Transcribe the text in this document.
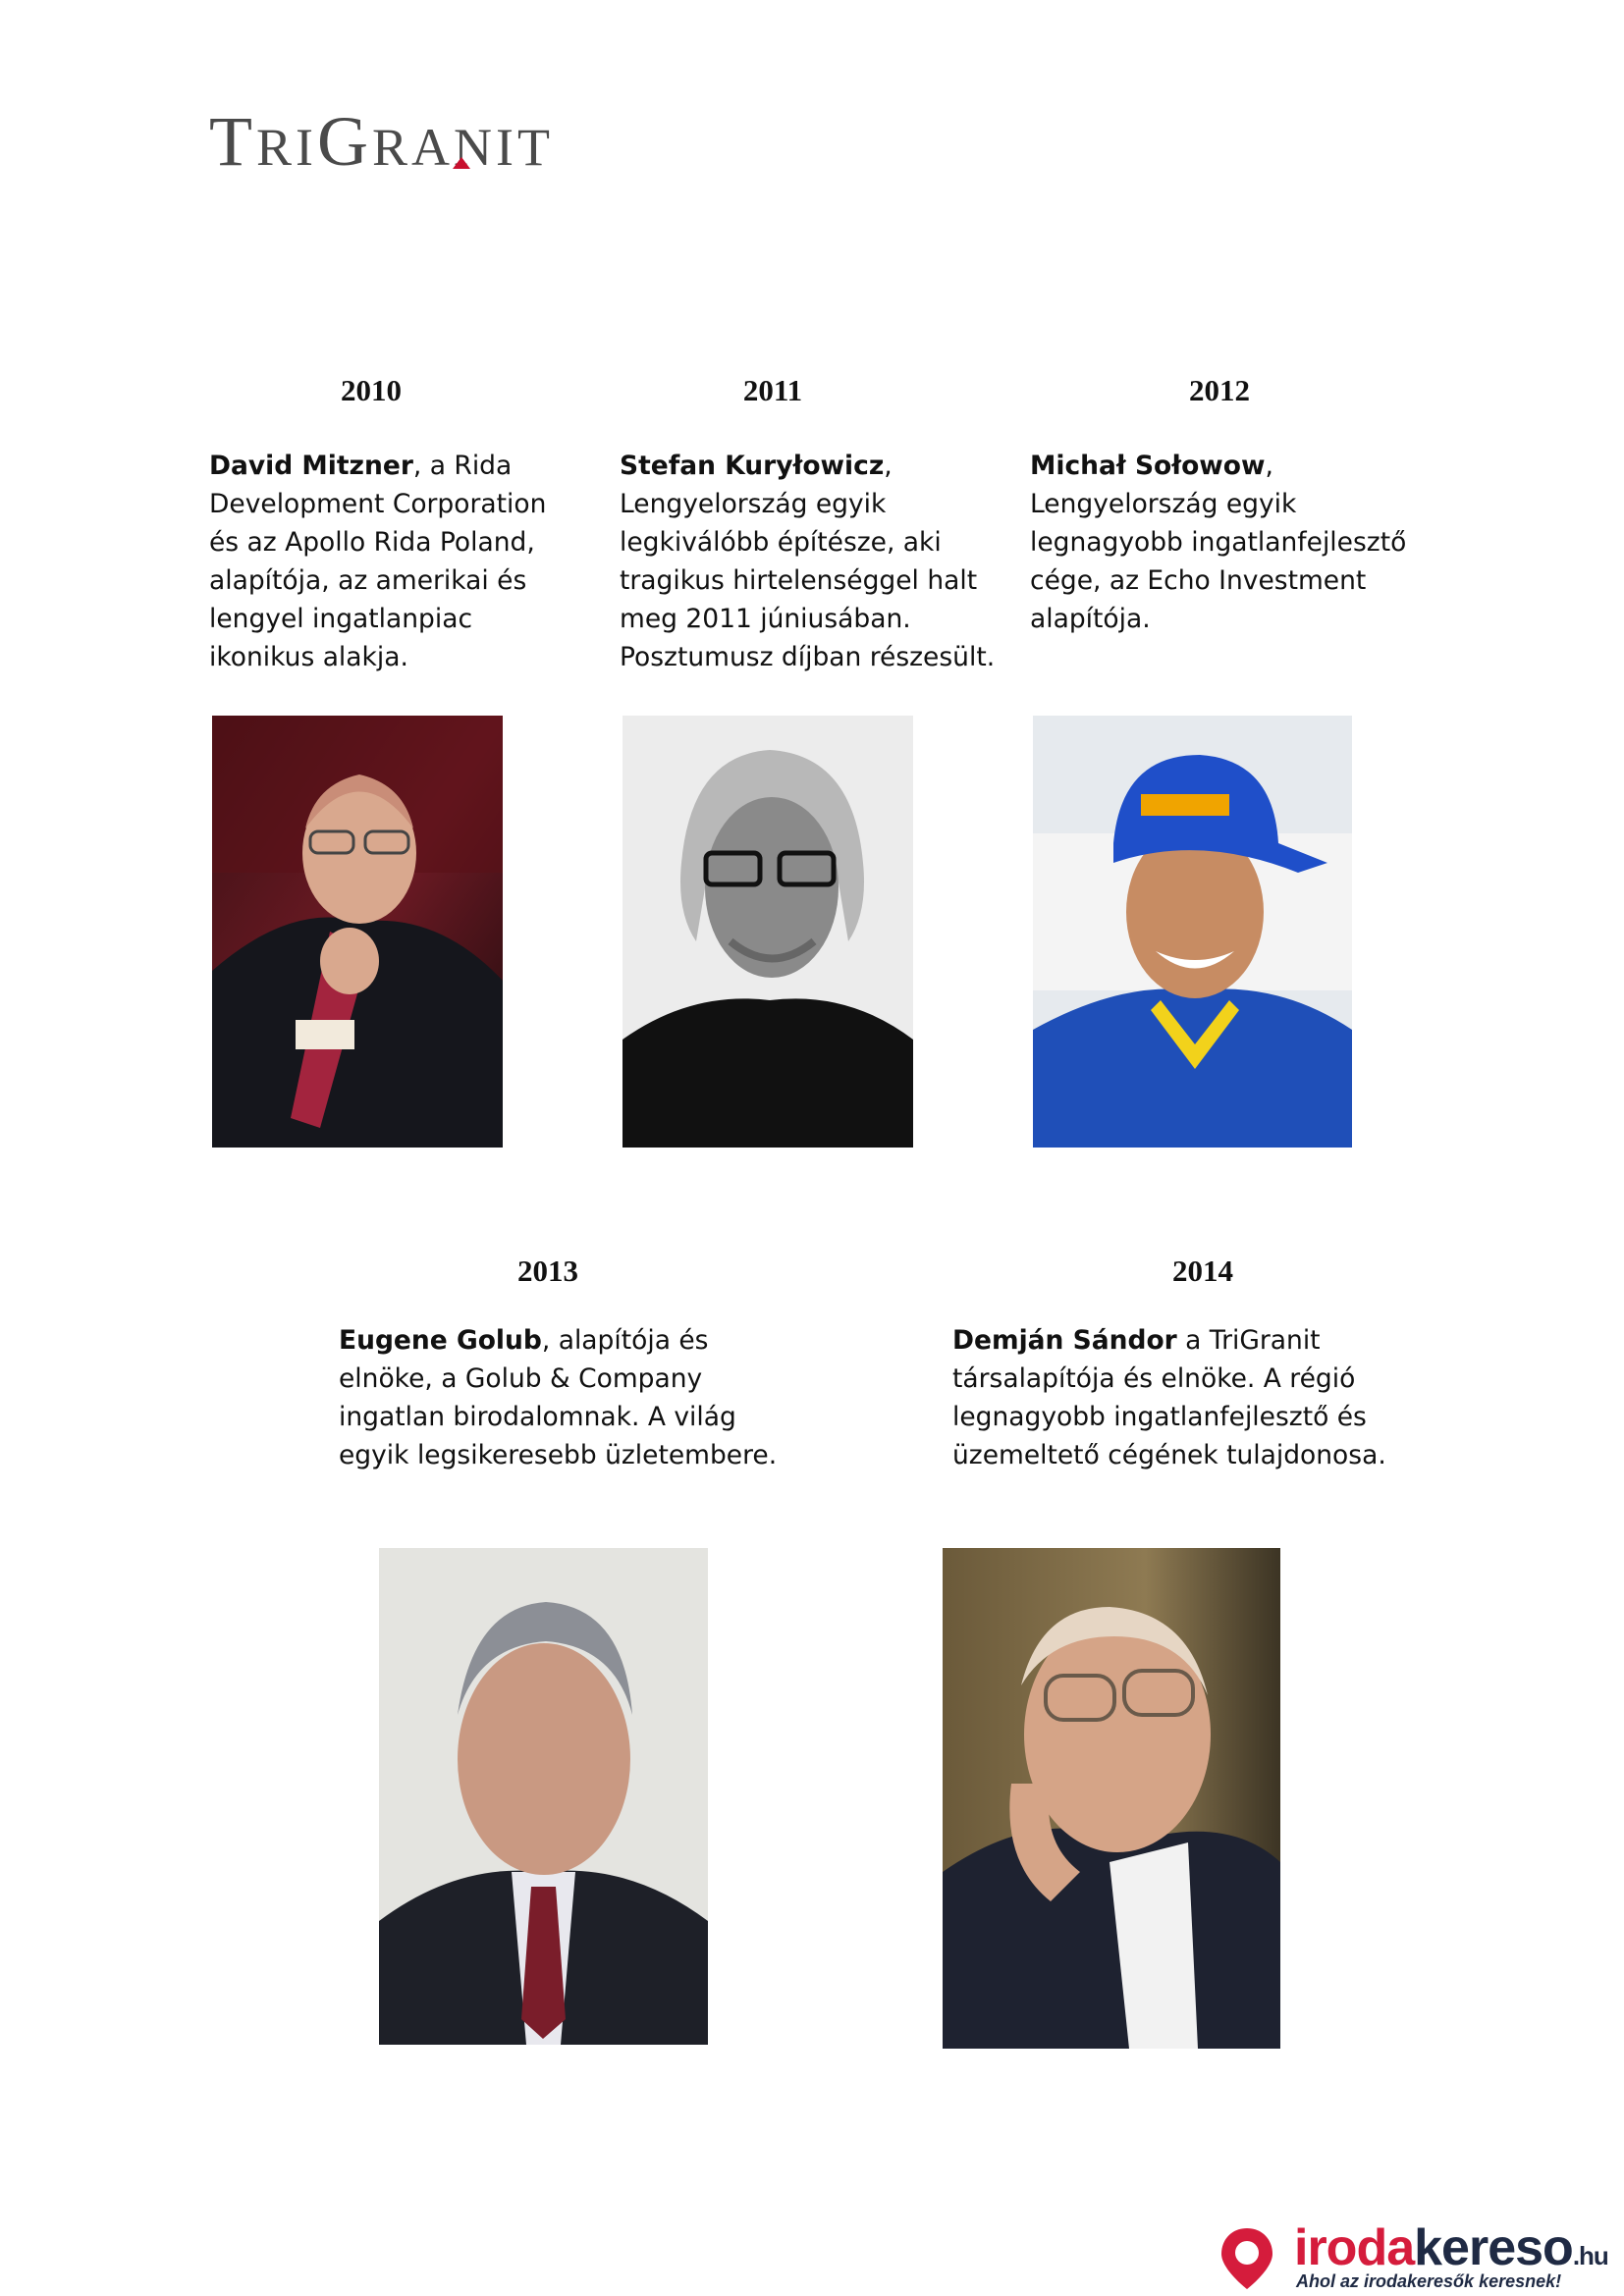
TRIGRANIT
2010
David Mitzner, a Rida Development Corporation és az Apollo Rida Poland, alapítója, az amerikai és lengyel ingatlanpiac ikonikus alakja.
2011
Stefan Kuryłowicz, Lengyelország egyik legkiválóbb építésze, aki tragikus hirtelenséggel halt meg 2011 júniusában. Posztumusz díjban részesült.
2012
Michał Sołowow, Lengyelország egyik legnagyobb ingatlanfejlesztő cége, az Echo Investment alapítója.
2013
Eugene Golub, alapítója és elnöke, a Golub & Company ingatlan birodalomnak. A világ egyik legsikeresebb üzletembere.
2014
Demján Sándor a TriGranit társalapítója és elnöke. A régió legnagyobb ingatlanfejlesztő és üzemeltető cégének tulajdonosa.
irodakereso.hu
Ahol az irodakeresők keresnek!
